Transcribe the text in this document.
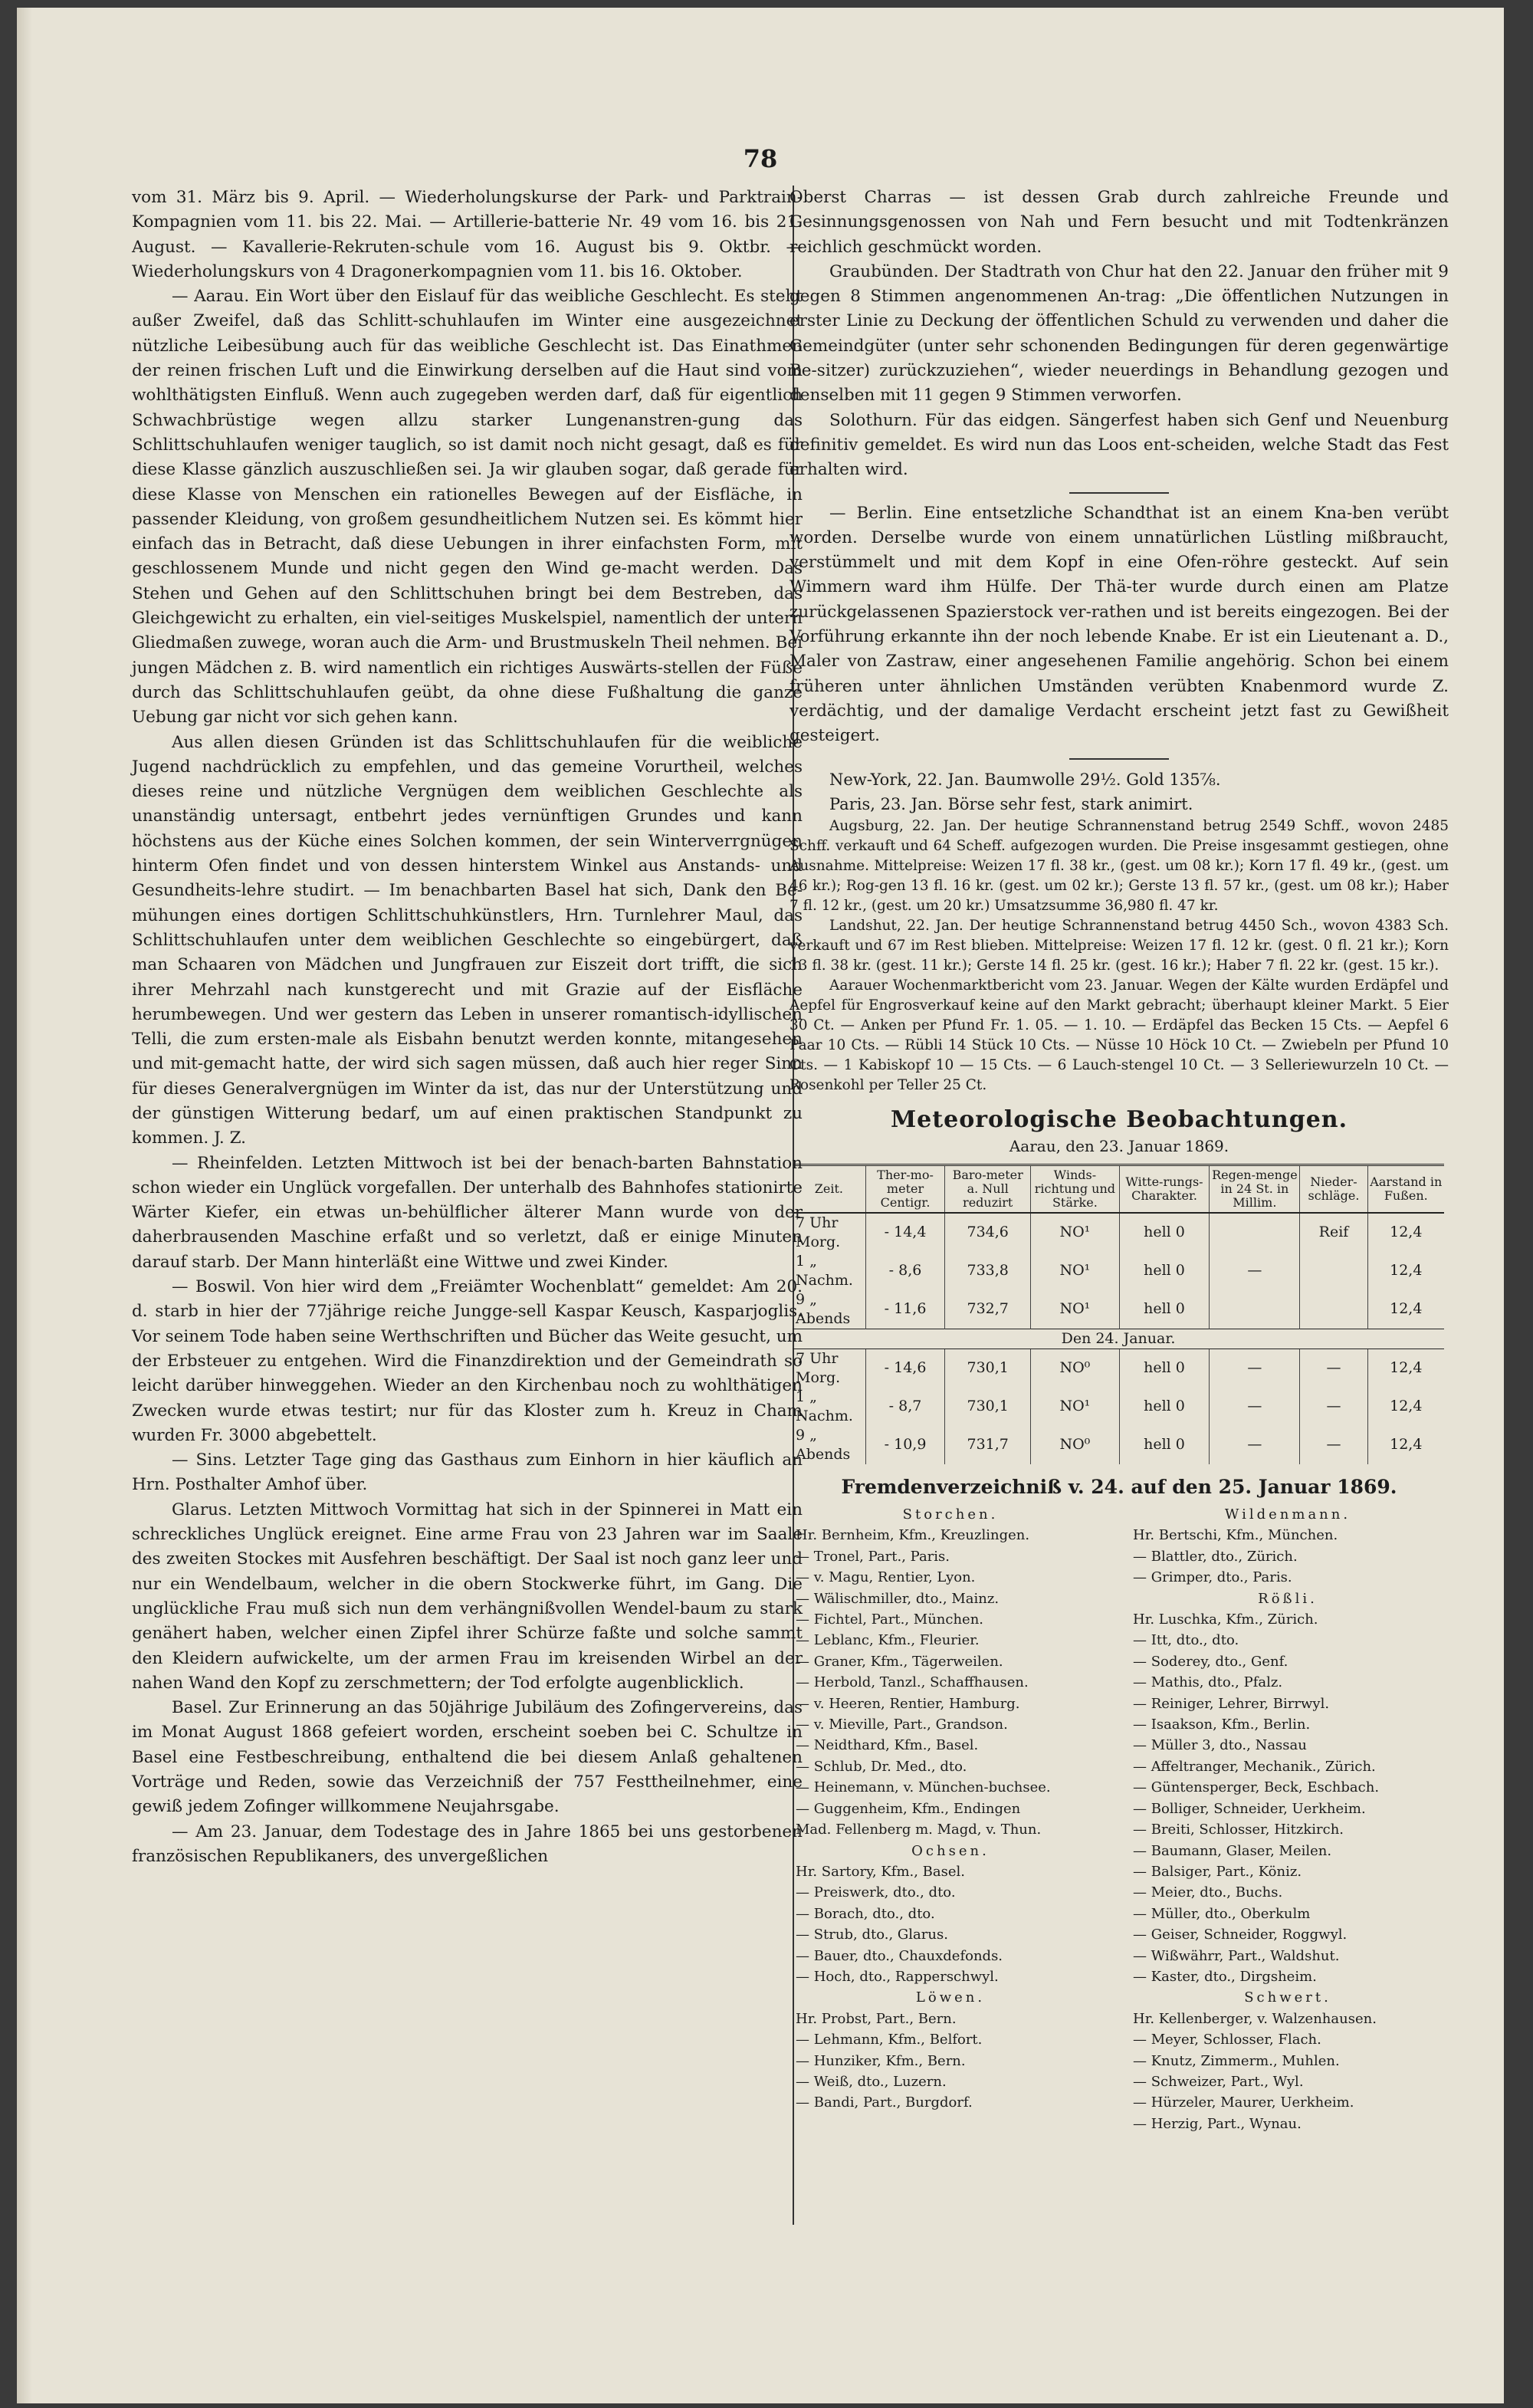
78

vom 31. März bis 9. April. — Wiederholungskurse der Park- und Parktrain-Kompagnien vom 11. bis 22. Mai. — Artillerie-batterie Nr. 49 vom 16. bis 21. August. — Kavallerie-Rekruten-schule vom 16. August bis 9. Oktbr. — Wiederholungskurs von 4 Dragonerkompagnien vom 11. bis 16. Oktober.

— Aarau. Ein Wort über den Eislauf für das weibliche Geschlecht. Es steht außer Zweifel, daß das Schlitt-schuhlaufen im Winter eine ausgezeichnet nützliche Leibesübung auch für das weibliche Geschlecht ist. Das Einathmen der reinen frischen Luft und die Einwirkung derselben auf die Haut sind vom wohlthätigsten Einfluß. Wenn auch zugegeben werden darf, daß für eigentlich Schwachbrüstige wegen allzu starker Lungenanstren-gung das Schlittschuhlaufen weniger tauglich, so ist damit noch nicht gesagt, daß es für diese Klasse gänzlich auszuschließen sei. Ja wir glauben sogar, daß gerade für diese Klasse von Menschen ein rationelles Bewegen auf der Eisfläche, in passender Kleidung, von großem gesundheitlichem Nutzen sei. Es kömmt hier einfach das in Betracht, daß diese Uebungen in ihrer einfachsten Form, mit geschlossenem Munde und nicht gegen den Wind ge-macht werden. Das Stehen und Gehen auf den Schlittschuhen bringt bei dem Bestreben, das Gleichgewicht zu erhalten, ein viel-seitiges Muskelspiel, namentlich der untern Gliedmaßen zuwege, woran auch die Arm- und Brustmuskeln Theil nehmen. Bei jungen Mädchen z. B. wird namentlich ein richtiges Auswärts-stellen der Füße durch das Schlittschuhlaufen geübt, da ohne diese Fußhaltung die ganze Uebung gar nicht vor sich gehen kann.

Aus allen diesen Gründen ist das Schlittschuhlaufen für die weibliche Jugend nachdrücklich zu empfehlen, und das gemeine Vorurtheil, welches dieses reine und nützliche Vergnügen dem weiblichen Geschlechte als unanständig untersagt, entbehrt jedes vernünftigen Grundes und kann höchstens aus der Küche eines Solchen kommen, der sein Winterverrgnügen hinterm Ofen findet und von dessen hinterstem Winkel aus Anstands- und Gesundheits-lehre studirt. — Im benachbarten Basel hat sich, Dank den Be-mühungen eines dortigen Schlittschuhkünstlers, Hrn. Turnlehrer Maul, das Schlittschuhlaufen unter dem weiblichen Geschlechte so eingebürgert, daß man Schaaren von Mädchen und Jungfrauen zur Eiszeit dort trifft, die sich ihrer Mehrzahl nach kunstgerecht und mit Grazie auf der Eisfläche herumbewegen. Und wer gestern das Leben in unserer romantisch-idyllischen Telli, die zum ersten-male als Eisbahn benutzt werden konnte, mitangesehen und mit-gemacht hatte, der wird sich sagen müssen, daß auch hier reger Sinn für dieses Generalvergnügen im Winter da ist, das nur der Unterstützung und der günstigen Witterung bedarf, um auf einen praktischen Standpunkt zu kommen. J. Z.

— Rheinfelden. Letzten Mittwoch ist bei der benach-barten Bahnstation schon wieder ein Unglück vorgefallen. Der unterhalb des Bahnhofes stationirte Wärter Kiefer, ein etwas un-behülflicher älterer Mann wurde von der daherbrausenden Maschine erfaßt und so verletzt, daß er einige Minuten darauf starb. Der Mann hinterläßt eine Wittwe und zwei Kinder.

— Boswil. Von hier wird dem „Freiämter Wochenblatt“ gemeldet: Am 20. d. starb in hier der 77jährige reiche Jungge-sell Kaspar Keusch, Kasparjoglis. Vor seinem Tode haben seine Werthschriften und Bücher das Weite gesucht, um der Erbsteuer zu entgehen. Wird die Finanzdirektion und der Gemeindrath so leicht darüber hinweggehen. Wieder an den Kirchenbau noch zu wohlthätigen Zwecken wurde etwas testirt; nur für das Kloster zum h. Kreuz in Cham wurden Fr. 3000 abgebettelt.

— Sins. Letzter Tage ging das Gasthaus zum Einhorn in hier käuflich an Hrn. Posthalter Amhof über.

Glarus. Letzten Mittwoch Vormittag hat sich in der Spinnerei in Matt ein schreckliches Unglück ereignet. Eine arme Frau von 23 Jahren war im Saale des zweiten Stockes mit Ausfehren beschäftigt. Der Saal ist noch ganz leer und nur ein Wendelbaum, welcher in die obern Stockwerke führt, im Gang. Die unglückliche Frau muß sich nun dem verhängnißvollen Wendel-baum zu stark genähert haben, welcher einen Zipfel ihrer Schürze faßte und solche sammt den Kleidern aufwickelte, um der armen Frau im kreisenden Wirbel an der nahen Wand den Kopf zu zerschmettern; der Tod erfolgte augenblicklich.

Basel. Zur Erinnerung an das 50jährige Jubiläum des Zofingervereins, das im Monat August 1868 gefeiert worden, erscheint soeben bei C. Schultze in Basel eine Festbeschreibung, enthaltend die bei diesem Anlaß gehaltenen Vorträge und Reden, sowie das Verzeichniß der 757 Festtheilnehmer, eine gewiß jedem Zofinger willkommene Neujahrsgabe.

— Am 23. Januar, dem Todestage des in Jahre 1865 bei uns gestorbenen französischen Republikaners, des unvergeßlichen

Oberst Charras — ist dessen Grab durch zahlreiche Freunde und Gesinnungsgenossen von Nah und Fern besucht und mit Todtenkränzen reichlich geschmückt worden.

Graubünden. Der Stadtrath von Chur hat den 22. Januar den früher mit 9 gegen 8 Stimmen angenommenen An-trag: „Die öffentlichen Nutzungen in erster Linie zu Deckung der öffentlichen Schuld zu verwenden und daher die Gemeindgüter (unter sehr schonenden Bedingungen für deren gegenwärtige Be-sitzer) zurückzuziehen“, wieder neuerdings in Behandlung gezogen und denselben mit 11 gegen 9 Stimmen verworfen.

Solothurn. Für das eidgen. Sängerfest haben sich Genf und Neuenburg definitiv gemeldet. Es wird nun das Loos ent-scheiden, welche Stadt das Fest erhalten wird.

— Berlin. Eine entsetzliche Schandthat ist an einem Kna-ben verübt worden. Derselbe wurde von einem unnatürlichen Lüstling mißbraucht, verstümmelt und mit dem Kopf in eine Ofen-röhre gesteckt. Auf sein Wimmern ward ihm Hülfe. Der Thä-ter wurde durch einen am Platze zurückgelassenen Spazierstock ver-rathen und ist bereits eingezogen. Bei der Vorführung erkannte ihn der noch lebende Knabe. Er ist ein Lieutenant a. D., Maler von Zastraw, einer angesehenen Familie angehörig. Schon bei einem früheren unter ähnlichen Umständen verübten Knabenmord wurde Z. verdächtig, und der damalige Verdacht erscheint jetzt fast zu Gewißheit gesteigert.

New-York, 22. Jan. Baumwolle 29½. Gold 135⅞.

Paris, 23. Jan. Börse sehr fest, stark animirt.

Augsburg, 22. Jan. Der heutige Schrannenstand betrug 2549 Schff., wovon 2485 Schff. verkauft und 64 Scheff. aufgezogen wurden. Die Preise insgesammt gestiegen, ohne Ausnahme. Mittelpreise: Weizen 17 fl. 38 kr., (gest. um 08 kr.); Korn 17 fl. 49 kr., (gest. um 46 kr.); Rog-gen 13 fl. 16 kr. (gest. um 02 kr.); Gerste 13 fl. 57 kr., (gest. um 08 kr.); Haber 7 fl. 12 kr., (gest. um 20 kr.) Umsatzsumme 36,980 fl. 47 kr.

Landshut, 22. Jan. Der heutige Schrannenstand betrug 4450 Sch., wovon 4383 Sch. verkauft und 67 im Rest blieben. Mittelpreise: Weizen 17 fl. 12 kr. (gest. 0 fl. 21 kr.); Korn 13 fl. 38 kr. (gest. 11 kr.); Gerste 14 fl. 25 kr. (gest. 16 kr.); Haber 7 fl. 22 kr. (gest. 15 kr.).

Aarauer Wochenmarktbericht vom 23. Januar. Wegen der Kälte wurden Erdäpfel und Aepfel für Engrosverkauf keine auf den Markt gebracht; überhaupt kleiner Markt. 5 Eier 30 Ct. — Anken per Pfund Fr. 1. 05. — 1. 10. — Erdäpfel das Becken 15 Cts. — Aepfel 6 Paar 10 Cts. — Rübli 14 Stück 10 Cts. — Nüsse 10 Höck 10 Ct. — Zwiebeln per Pfund 10 Cts. — 1 Kabiskopf 10 — 15 Cts. — 6 Lauch-stengel 10 Ct. — 3 Selleriewurzeln 10 Ct. — Rosenkohl per Teller 25 Ct.

Meteorologische Beobachtungen.
Aarau, den 23. Januar 1869.
Zeit.	Ther-mo-meter Centigr.	Baro-meter a. Null reduzirt	Winds-richtung und Stärke.	Witte-rungs-Charakter.	Regen-menge in 24 St. in Millim.	Nieder-schläge.	Aarstand in Fußen.
7 Uhr Morg.	- 14,4	734,6	NO¹	hell 0		Reif	12,4
1 „ Nachm.	- 8,6	733,8	NO¹	hell 0	—		12,4
9 „ Abends	- 11,6	732,7	NO¹	hell 0			12,4
Den 24. Januar.							
7 Uhr Morg.	- 14,6	730,1	NO⁰	hell 0	—	—	12,4
1 „ Nachm.	- 8,7	730,1	NO¹	hell 0	—	—	12,4
9 „ Abends	- 10,9	731,7	NO⁰	hell 0	—	—	12,4
Fremdenverzeichniß v. 24. auf den 25. Januar 1869.
Storchen.
Hr. Bernheim, Kfm., Kreuzlingen.
— Tronel, Part., Paris.
— v. Magu, Rentier, Lyon.
— Wälischmiller, dto., Mainz.
— Fichtel, Part., München.
— Leblanc, Kfm., Fleurier.
— Graner, Kfm., Tägerweilen.
— Herbold, Tanzl., Schaffhausen.
— v. Heeren, Rentier, Hamburg.
— v. Mieville, Part., Grandson.
— Neidthard, Kfm., Basel.
— Schlub, Dr. Med., dto.
— Heinemann, v. München-buchsee.
— Guggenheim, Kfm., Endingen
Mad. Fellenberg m. Magd, v. Thun.
Ochsen.
Hr. Sartory, Kfm., Basel.
— Preiswerk, dto., dto.
— Borach, dto., dto.
— Strub, dto., Glarus.
— Bauer, dto., Chauxdefonds.
— Hoch, dto., Rapperschwyl.
Löwen.
Hr. Probst, Part., Bern.
— Lehmann, Kfm., Belfort.
— Hunziker, Kfm., Bern.
— Weiß, dto., Luzern.
— Bandi, Part., Burgdorf.
Wildenmann.
Hr. Bertschi, Kfm., München.
— Blattler, dto., Zürich.
— Grimper, dto., Paris.
Rößli.
Hr. Luschka, Kfm., Zürich.
— Itt, dto., dto.
— Soderey, dto., Genf.
— Mathis, dto., Pfalz.
— Reiniger, Lehrer, Birrwyl.
— Isaakson, Kfm., Berlin.
— Müller 3, dto., Nassau
— Affeltranger, Mechanik., Zürich.
— Güntensperger, Beck, Eschbach.
— Bolliger, Schneider, Uerkheim.
— Breiti, Schlosser, Hitzkirch.
— Baumann, Glaser, Meilen.
— Balsiger, Part., Köniz.
— Meier, dto., Buchs.
— Müller, dto., Oberkulm
— Geiser, Schneider, Roggwyl.
— Wißwährr, Part., Waldshut.
— Kaster, dto., Dirgsheim.
Schwert.
Hr. Kellenberger, v. Walzenhausen.
— Meyer, Schlosser, Flach.
— Knutz, Zimmerm., Muhlen.
— Schweizer, Part., Wyl.
— Hürzeler, Maurer, Uerkheim.
— Herzig, Part., Wynau.
